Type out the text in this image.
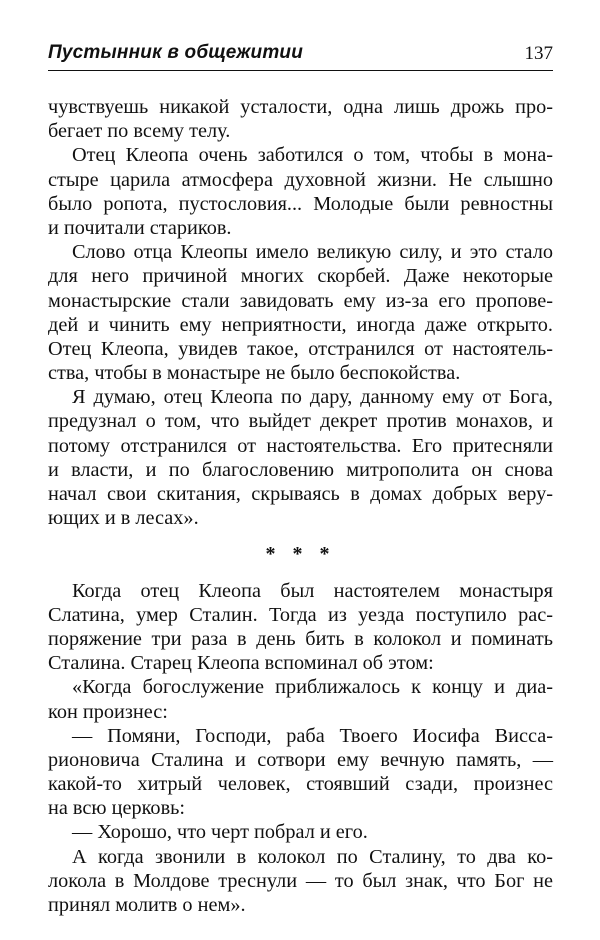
Пустынник в общежитии	137
чувствуешь никакой усталости, одна лишь дрожь про-
бегает по всему телу.
Отец Клеопа очень заботился о том, чтобы в мона-
стыре царила атмосфера духовной жизни. Не слышно
было ропота, пустословия... Молодые были ревностны
и почитали стариков.
Слово отца Клеопы имело великую силу, и это стало
для него причиной многих скорбей. Даже некоторые
монастырские стали завидовать ему из-за его пропове-
дей и чинить ему неприятности, иногда даже открыто.
Отец Клеопа, увидев такое, отстранился от настоятель-
ства, чтобы в монастыре не было беспокойства.
Я думаю, отец Клеопа по дару, данному ему от Бога,
предузнал о том, что выйдет декрет против монахов, и
потому отстранился от настоятельства. Его притесняли
и власти, и по благословению митрополита он снова
начал свои скитания, скрываясь в домах добрых веру-
ющих и в лесах».
* * *
Когда отец Клеопа был настоятелем монастыря
Слатина, умер Сталин. Тогда из уезда поступило рас-
поряжение три раза в день бить в колокол и поминать
Сталина. Старец Клеопа вспоминал об этом:
«Когда богослужение приближалось к концу и диа-
кон произнес:
— Помяни, Господи, раба Твоего Иосифа Висса-
рионовича Сталина и сотвори ему вечную память, —
какой-то хитрый человек, стоявший сзади, произнес
на всю церковь:
— Хорошо, что черт побрал и его.
А когда звонили в колокол по Сталину, то два ко-
локола в Молдове треснули — то был знак, что Бог не
принял молитв о нем».
